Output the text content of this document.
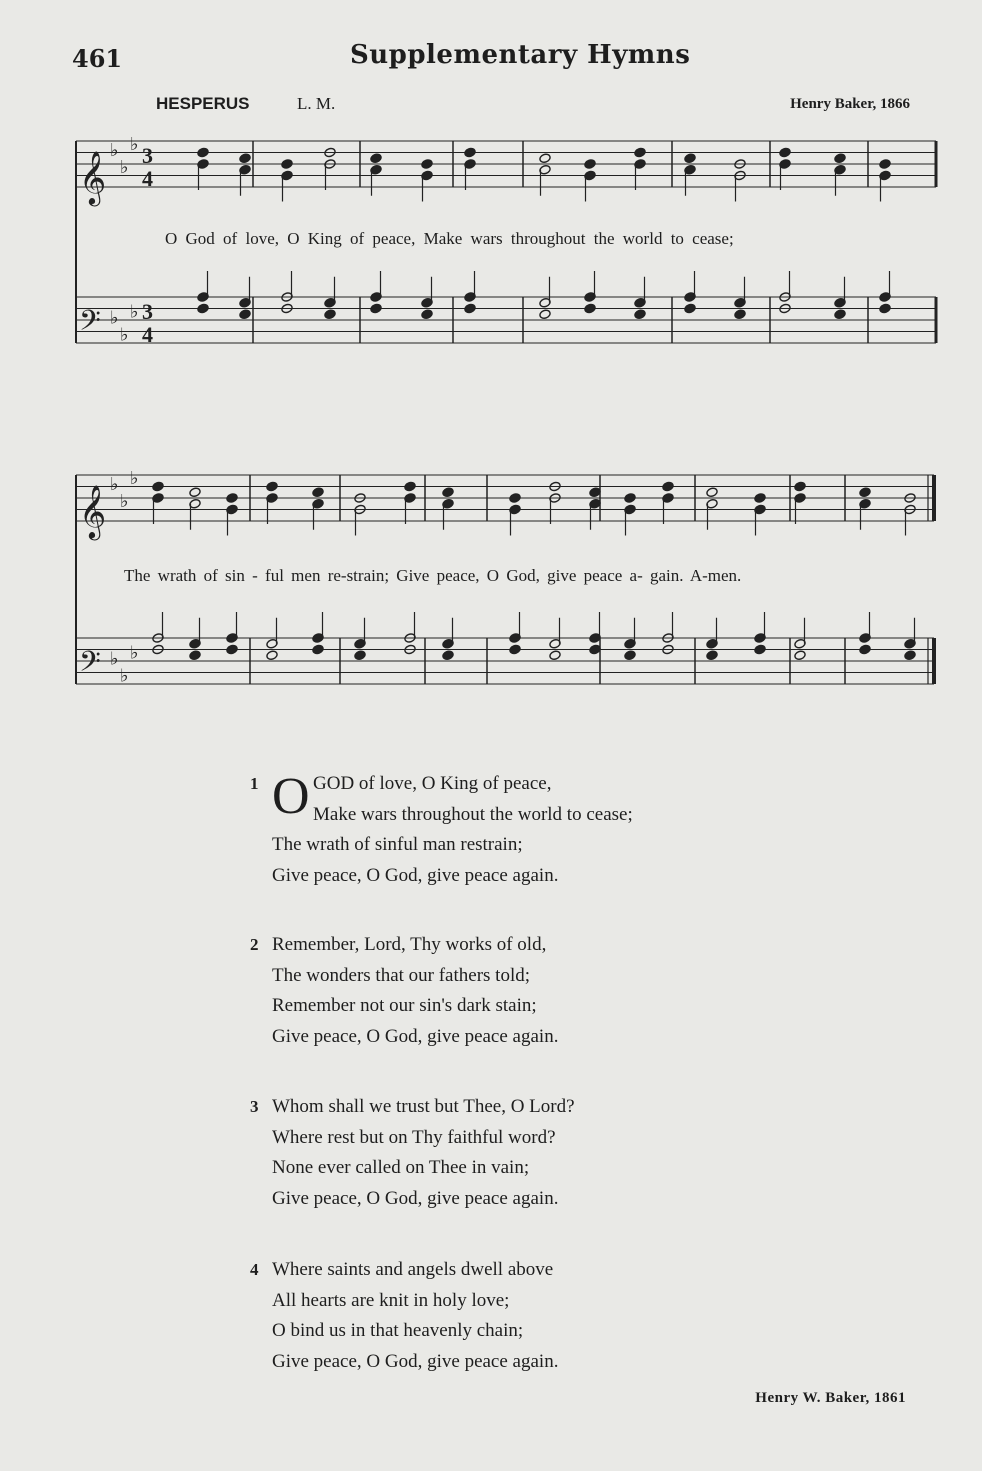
461	Supplementary Hymns
HESPERUS	L. M.	Henry Baker, 1866
𝄞
𝄢
♭
♭
♭
♭
♭
♭
3
4
3
4
O God of love, O King of peace, Make wars throughout the world to cease;
𝄞
𝄢
♭
♭
♭
♭
♭
♭
The wrath of sin - ful men re-strain; Give peace, O God, give peace a- gain. A-men.
1 O GOD of love, O King of peace,
Make wars throughout the world to cease;
The wrath of sinful man restrain;
Give peace, O God, give peace again.
2 Remember, Lord, Thy works of old,
The wonders that our fathers told;
Remember not our sin's dark stain;
Give peace, O God, give peace again.
3 Whom shall we trust but Thee, O Lord?
Where rest but on Thy faithful word?
None ever called on Thee in vain;
Give peace, O God, give peace again.
4 Where saints and angels dwell above
All hearts are knit in holy love;
O bind us in that heavenly chain;
Give peace, O God, give peace again.
Henry W. Baker, 1861
